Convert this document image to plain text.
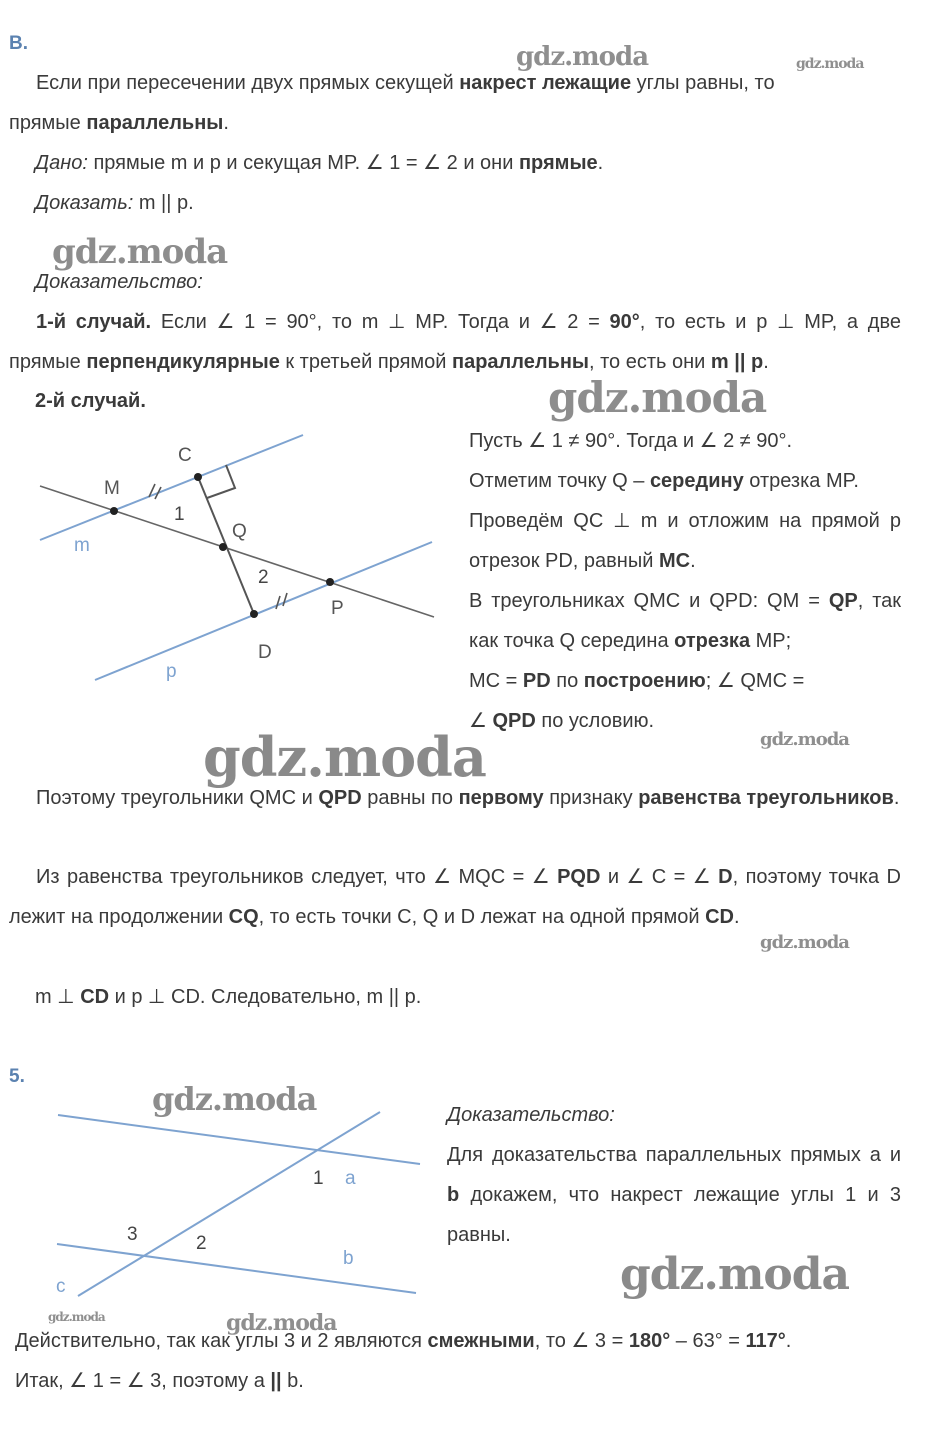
В.
Если при пересечении двух прямых секущей накрест лежащие углы равны, то
прямые параллельны.
Дано: прямые m и p и секущая MP. ∠ 1 = ∠ 2 и они прямые.
Доказать: m || p.
Доказательство:
1-й случай. Если ∠ 1 = 90°, то m ⊥ MP. Тогда и ∠ 2 = 90°, то есть и p ⊥ MP, а две
прямые перпендикулярные к третьей прямой параллельны, то есть они m || p.
2-й случай.
C
M
1
Q
m
2
P
D
p
Пусть ∠ 1 ≠ 90°. Тогда и ∠ 2 ≠ 90°.
Отметим точку Q – середину отрезка MP.
Проведём QC ⊥ m и отложим на прямой p отрезок PD, равный MC.
В треугольниках QMC и QPD: QM = QP, так как точка Q середина отрезка MP;
MC = PD по построению; ∠ QMC =
∠ QPD по условию.
Поэтому треугольники QMC и QPD равны по первому признаку равенства треугольников.
Из равенства треугольников следует, что ∠ MQC = ∠ PQD и ∠ C = ∠ D, поэтому точка D лежит на продолжении CQ, то есть точки C, Q и D лежат на одной прямой CD.
m ⊥ CD и p ⊥ CD. Следовательно, m || p.
5.
1 a
3	2
b
c
Доказательство:
Для доказательства параллельных прямых a и b докажем, что накрест лежащие углы 1 и 3 равны.
Действительно, так как углы 3 и 2 являются смежными, то ∠ 3 = 180° – 63° = 117°.
Итак, ∠ 1 = ∠ 3, поэтому a || b.
gdz.moda	gdz.moda
gdz.moda
gdz.moda
gdz.moda
gdz.moda
gdz.moda
gdz.moda
gdz.moda
gdz.moda	gdz.moda
